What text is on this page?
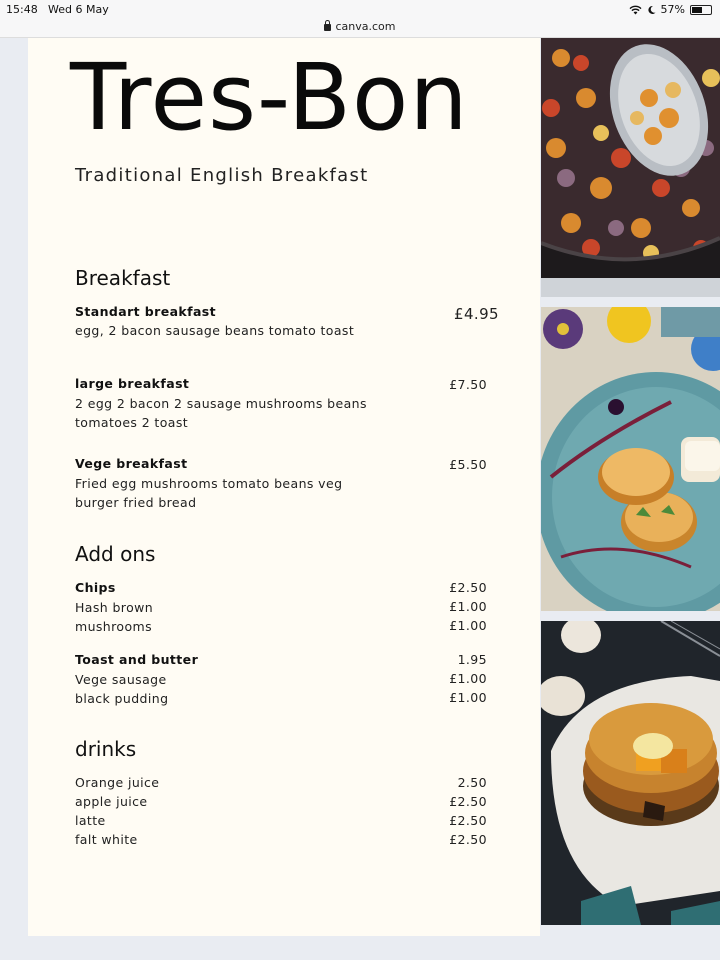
15:48 Wed 6 May	57%
canva.com
Tres-Bon
Traditional English Breakfast
Breakfast
Standart breakfast	£4.95
egg, 2 bacon sausage beans tomato toast
large breakfast	£7.50
2 egg 2 bacon 2 sausage mushrooms beans tomatoes 2 toast
Vege breakfast	£5.50
Fried egg mushrooms tomato beans veg burger fried bread
Add ons
Chips	£2.50
Hash brown	£1.00
mushrooms	£1.00
Toast and butter	1.95
Vege sausage	£1.00
black pudding	£1.00
drinks
Orange juice	2.50
apple juice	£2.50
latte	£2.50
falt white	£2.50
